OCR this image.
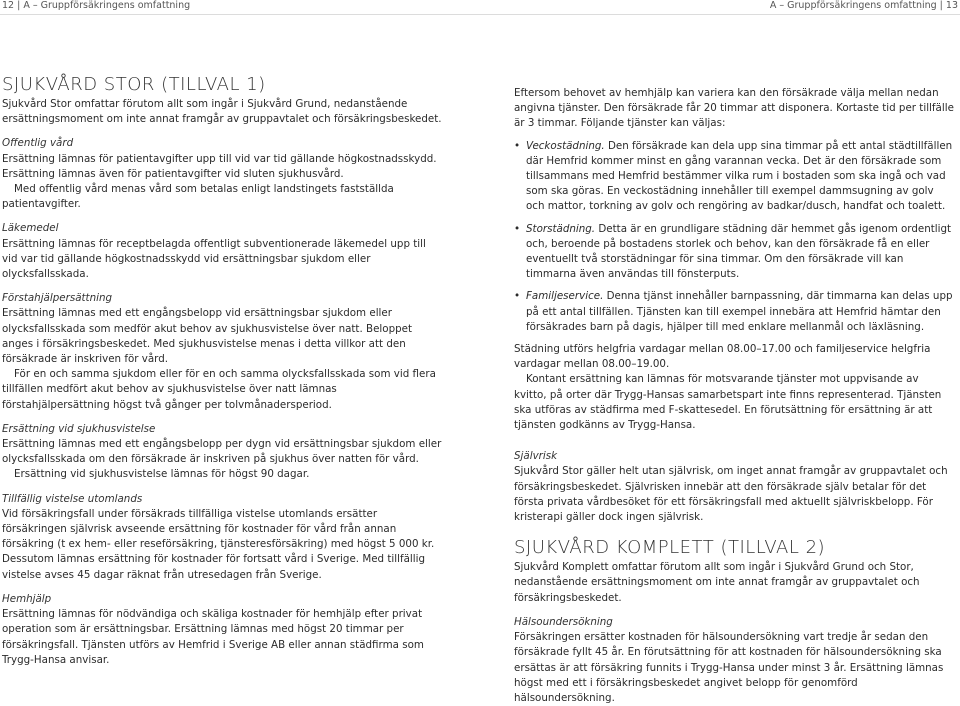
12 | A – Gruppförsäkringens omfattning	A – Gruppförsäkringens omfattning | 13
SJUKVÅRD STOR (TILLVAL 1)

Sjukvård Stor omfattar förutom allt som ingår i Sjukvård Grund, nedanstående ersättningsmoment om inte annat framgår av gruppavtalet och försäkringsbeskedet.

Offentlig vård

Ersättning lämnas för patientavgifter upp till vid var tid gällande högkostnadsskydd. Ersättning lämnas även för patientavgifter vid sluten sjukhusvård.

Med offentlig vård menas vård som betalas enligt landstingets fastställda patientavgifter.

Läkemedel

Ersättning lämnas för receptbelagda offentligt subventionerade läkemedel upp till vid var tid gällande högkostnadsskydd vid ersättningsbar sjukdom eller olycksfallsskada.

Förstahjälpersättning

Ersättning lämnas med ett engångsbelopp vid ersättningsbar sjukdom eller olycksfallsskada som medför akut behov av sjukhusvistelse över natt. Beloppet anges i försäkringsbeskedet. Med sjukhusvistelse menas i detta villkor att den försäkrade är inskriven för vård.

För en och samma sjukdom eller för en och samma olycksfallsskada som vid flera tillfällen medfört akut behov av sjukhusvistelse över natt lämnas förstahjälpersättning högst två gånger per tolvmånadersperiod.

Ersättning vid sjukhusvistelse

Ersättning lämnas med ett engångsbelopp per dygn vid ersättningsbar sjukdom eller olycksfallsskada om den försäkrade är inskriven på sjukhus över natten för vård.

Ersättning vid sjukhusvistelse lämnas för högst 90 dagar.

Tillfällig vistelse utomlands

Vid försäkringsfall under försäkrads tillfälliga vistelse utomlands ersätter försäkringen självrisk avseende ersättning för kostnader för vård från annan försäkring (t ex hem- eller reseförsäkring, tjänsteresförsäkring) med högst 5 000 kr. Dessutom lämnas ersättning för kostnader för fortsatt vård i Sverige. Med tillfällig vistelse avses 45 dagar räknat från utresedagen från Sverige.

Hemhjälp

Ersättning lämnas för nödvändiga och skäliga kostnader för hemhjälp efter privat operation som är ersättningsbar. Ersättning lämnas med högst 20 timmar per försäkringsfall. Tjänsten utförs av Hemfrid i Sverige AB eller annan städfirma som Trygg-Hansa anvisar.

Eftersom behovet av hemhjälp kan variera kan den försäkrade välja mellan nedan angivna tjänster. Den försäkrade får 20 timmar att disponera. Kortaste tid per tillfälle är 3 timmar. Följande tjänster kan väljas:

• Veckostädning. Den försäkrade kan dela upp sina timmar på ett antal städtillfällen där Hemfrid kommer minst en gång varannan vecka. Det är den försäkrade som tillsammans med Hemfrid bestämmer vilka rum i bostaden som ska ingå och vad som ska göras. En veckostädning innehåller till exempel dammsugning av golv och mattor, torkning av golv och rengöring av badkar/dusch, handfat och toalett.
• Storstädning. Detta är en grundligare städning där hemmet gås igenom ordentligt och, beroende på bostadens storlek och behov, kan den försäkrade få en eller eventuellt två storstädningar för sina timmar. Om den försäkrade vill kan timmarna även användas till fönsterputs.
• Familjeservice. Denna tjänst innehåller barnpassning, där timmarna kan delas upp på ett antal tillfällen. Tjänsten kan till exempel innebära att Hemfrid hämtar den försäkrades barn på dagis, hjälper till med enklare mellanmål och läxläsning.

Städning utförs helgfria vardagar mellan 08.00–17.00 och familjeservice helgfria vardagar mellan 08.00–19.00.

Kontant ersättning kan lämnas för motsvarande tjänster mot uppvisande av kvitto, på orter där Trygg-Hansas samarbetspart inte finns representerad. Tjänsten ska utföras av städfirma med F-skattesedel. En förutsättning för ersättning är att tjänsten godkänns av Trygg-Hansa.

Självrisk

Sjukvård Stor gäller helt utan självrisk, om inget annat framgår av gruppavtalet och försäkringsbeskedet. Självrisken innebär att den försäkrade själv betalar för det första privata vårdbesöket för ett försäkringsfall med aktuellt självriskbelopp. För kristerapi gäller dock ingen självrisk.

SJUKVÅRD KOMPLETT (TILLVAL 2)

Sjukvård Komplett omfattar förutom allt som ingår i Sjukvård Grund och Stor, nedanstående ersättningsmoment om inte annat framgår av gruppavtalet och försäkringsbeskedet.

Hälsoundersökning

Försäkringen ersätter kostnaden för hälsoundersökning vart tredje år sedan den försäkrade fyllt 45 år. En förutsättning för att kostnaden för hälsoundersökning ska ersättas är att försäkring funnits i Trygg-Hansa under minst 3 år. Ersättning lämnas högst med ett i försäkringsbeskedet angivet belopp för genomförd hälsoundersökning.
